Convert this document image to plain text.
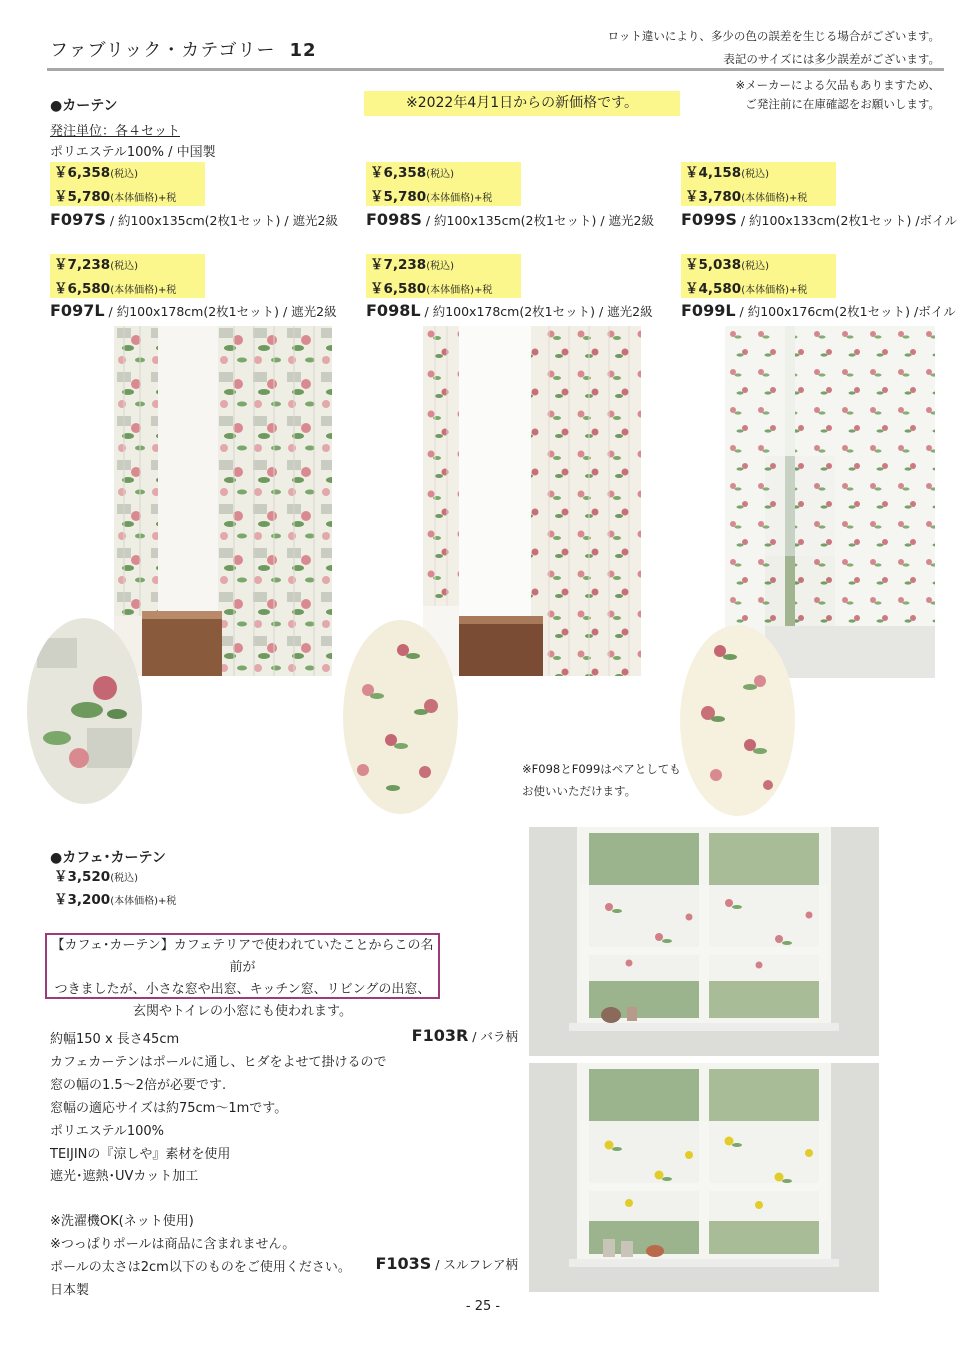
ファブリック・カテゴリー 12
ロット違いにより、多少の色の誤差を生じる場合がございます。
表記のサイズには多少誤差がございます。
※メーカーによる欠品もありますため、
ご発注前に在庫確認をお願いします。
●カーテン	※2022年4月1日からの新価格です。
発注単位：各４セット
ポリエステル100% / 中国製
￥6,358(税込)
￥5,780(本体価格)+税
￥6,358(税込)
￥5,780(本体価格)+税
￥4,158(税込)
￥3,780(本体価格)+税
F097S / 約100x135cm(2枚1セット) / 遮光2級 F098S / 約100x135cm(2枚1セット) / 遮光2級 F099S / 約100x133cm(2枚1セット) /ボイル
￥7,238(税込)
￥6,580(本体価格)+税
￥7,238(税込)
￥6,580(本体価格)+税
￥5,038(税込)
￥4,580(本体価格)+税
F097L / 約100x178cm(2枚1セット) / 遮光2級 F098L / 約100x178cm(2枚1セット) / 遮光2級 F099L / 約100x176cm(2枚1セット) /ボイル
※F098とF099はペアとしても
お使いいただけます。
●カフェ･カーテン
￥3,520(税込)
￥3,200(本体価格)+税
【カフェ･カーテン】カフェテリアで使われていたことからこの名前が
つきましたが、小さな窓や出窓、キッチン窓、リビングの出窓、
玄関やトイレの小窓にも使われます。
約幅150 x 長さ45cm
カフェカーテンはポールに通し、ヒダをよせて掛けるので
窓の幅の1.5～2倍が必要です.
窓幅の適応サイズは約75cm～1mです。
ポリエステル100%
TEIJINの『涼しや』素材を使用
遮光･遮熱･UVカット加工
※洗濯機OK(ネット使用)
※つっぱりポールは商品に含まれません。
ポールの太さは2cm以下のものをご使用ください。
日本製
F103R / バラ柄
F103S / スルフレア柄
- 25 -
